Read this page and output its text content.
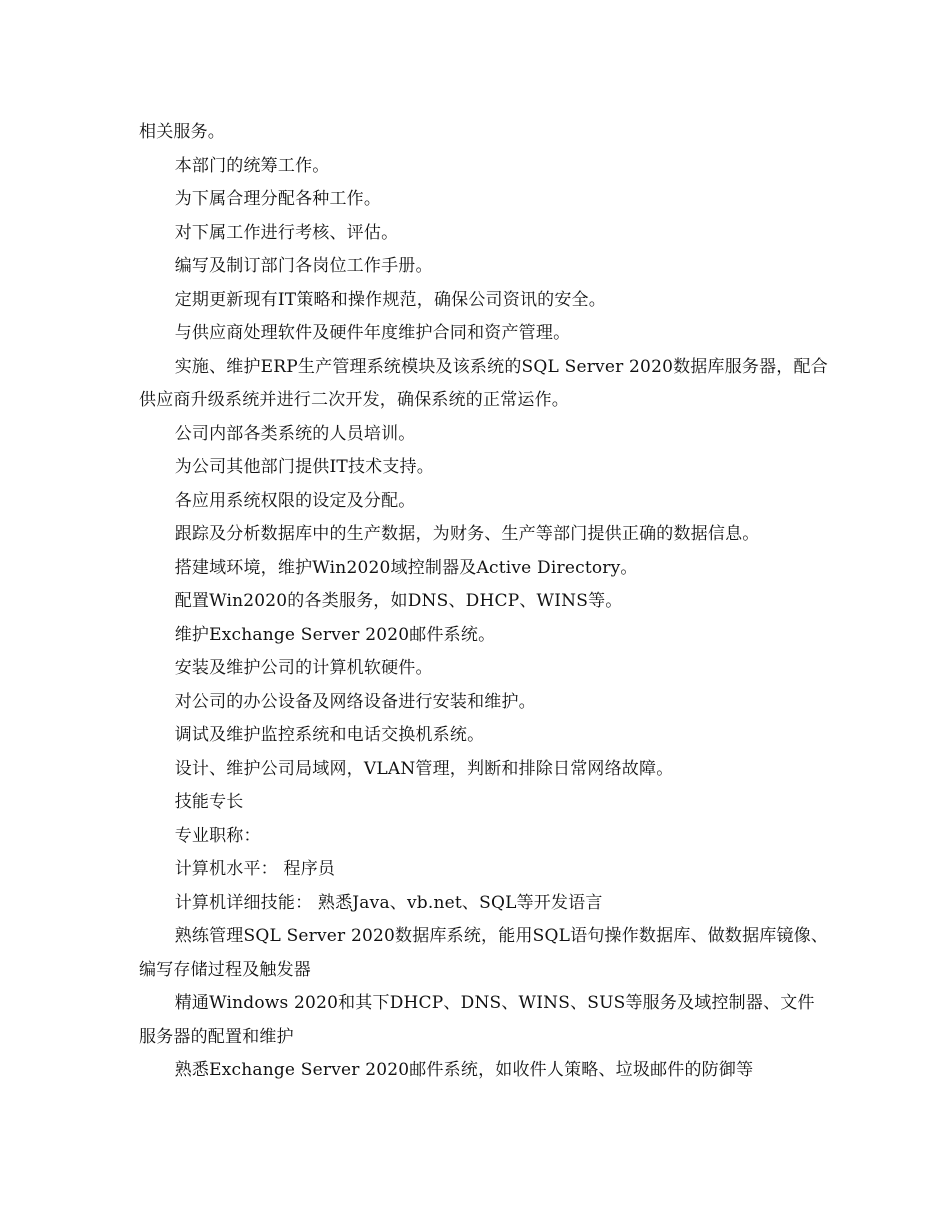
相关服务。

本部门的统筹工作。

为下属合理分配各种工作。

对下属工作进行考核、评估。

编写及制订部门各岗位工作手册。

定期更新现有IT策略和操作规范，确保公司资讯的安全。

与供应商处理软件及硬件年度维护合同和资产管理。

实施、维护ERP生产管理系统模块及该系统的SQL Server 2020数据库服务器，配合供应商升级系统并进行二次开发，确保系统的正常运作。

公司内部各类系统的人员培训。

为公司其他部门提供IT技术支持。

各应用系统权限的设定及分配。

跟踪及分析数据库中的生产数据，为财务、生产等部门提供正确的数据信息。

搭建域环境，维护Win2020域控制器及Active Directory。

配置Win2020的各类服务，如DNS、DHCP、WINS等。

维护Exchange Server 2020邮件系统。

安装及维护公司的计算机软硬件。

对公司的办公设备及网络设备进行安装和维护。

调试及维护监控系统和电话交换机系统。

设计、维护公司局域网，VLAN管理，判断和排除日常网络故障。

技能专长

专业职称：

计算机水平： 程序员

计算机详细技能： 熟悉Java、vb.net、SQL等开发语言

熟练管理SQL Server 2020数据库系统，能用SQL语句操作数据库、做数据库镜像、编写存储过程及触发器

精通Windows 2020和其下DHCP、DNS、WINS、SUS等服务及域控制器、文件服务器的配置和维护

熟悉Exchange Server 2020邮件系统，如收件人策略、垃圾邮件的防御等
